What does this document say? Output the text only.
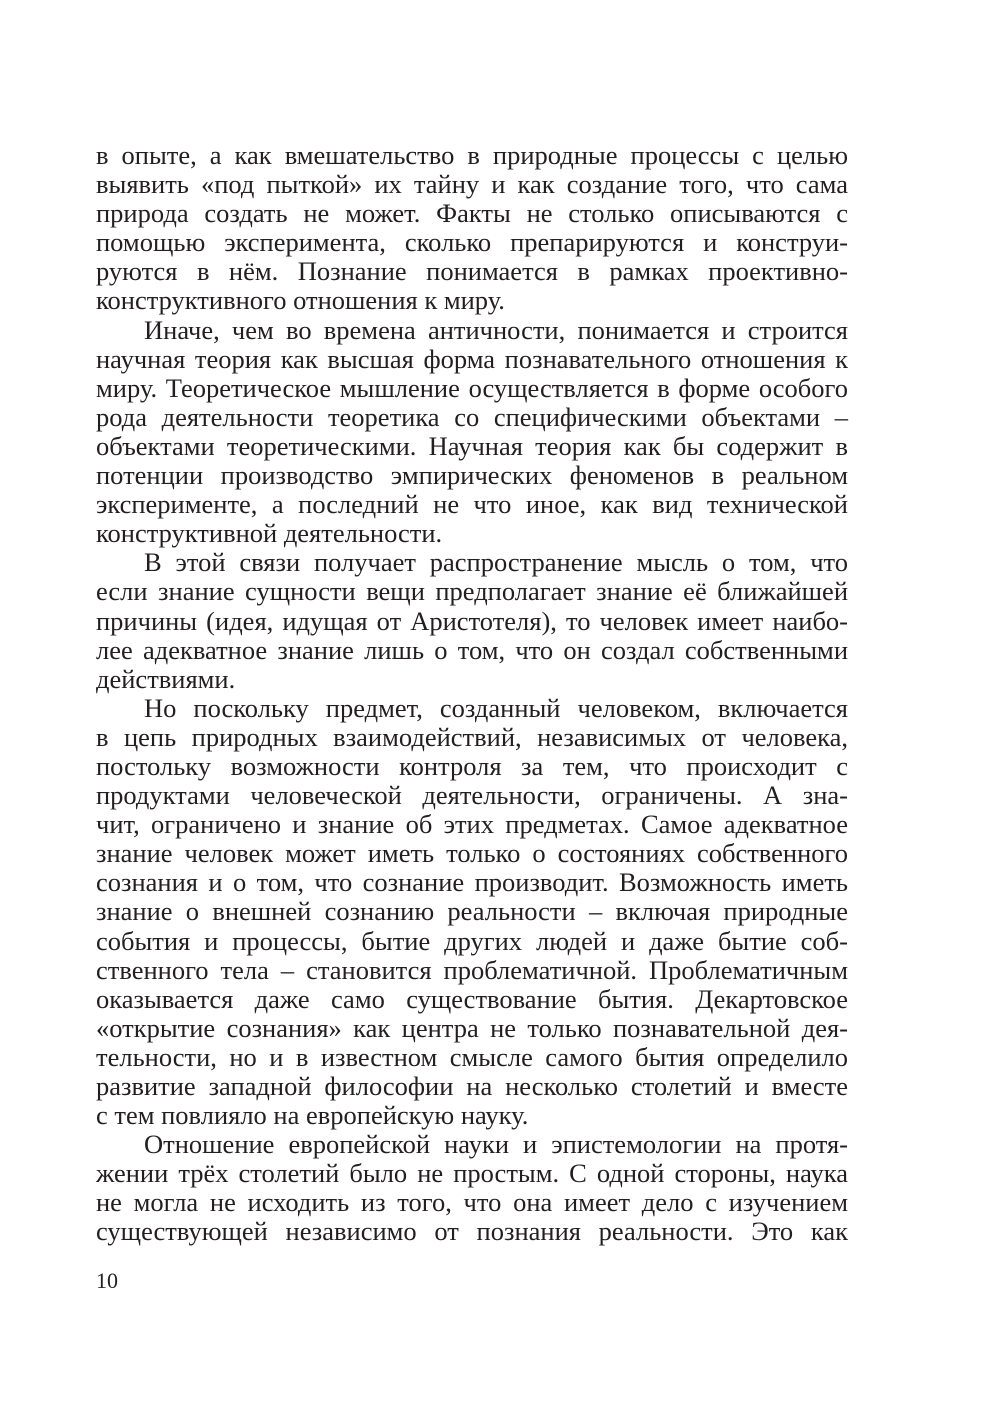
в опыте, а как вмешательство в природные процессы с целью
выявить «под пыткой» их тайну и как создание того, что сама
природа создать не может. Факты не столько описываются с
помощью эксперимента, сколько препарируются и конструи-
руются в нём. Познание понимается в рамках проективно-
конструктивного отношения к миру.
Иначе, чем во времена античности, понимается и строится
научная теория как высшая форма познавательного отношения к
миру. Теоретическое мышление осуществляется в форме особого
рода деятельности теоретика со специфическими объектами –
объектами теоретическими. Научная теория как бы содержит в
потенции производство эмпирических феноменов в реальном
эксперименте, а последний не что иное, как вид технической
конструктивной деятельности.
В этой связи получает распространение мысль о том, что
если знание сущности вещи предполагает знание её ближайшей
причины (идея, идущая от Аристотеля), то человек имеет наибо-
лее адекватное знание лишь о том, что он создал собственными
действиями.
Но поскольку предмет, созданный человеком, включается
в цепь природных взаимодействий, независимых от человека,
постольку возможности контроля за тем, что происходит с
продуктами человеческой деятельности, ограничены. А зна-
чит, ограничено и знание об этих предметах. Самое адекватное
знание человек может иметь только о состояниях собственного
сознания и о том, что сознание производит. Возможность иметь
знание о внешней сознанию реальности – включая природные
события и процессы, бытие других людей и даже бытие соб-
ственного тела – становится проблематичной. Проблематичным
оказывается даже само существование бытия. Декартовское
«открытие сознания» как центра не только познавательной дея-
тельности, но и в известном смысле самого бытия определило
развитие западной философии на несколько столетий и вместе
с тем повлияло на европейскую науку.
Отношение европейской науки и эпистемологии на протя-
жении трёх столетий было не простым. С одной стороны, наука
не могла не исходить из того, что она имеет дело с изучением
существующей независимо от познания реальности. Это как
10
